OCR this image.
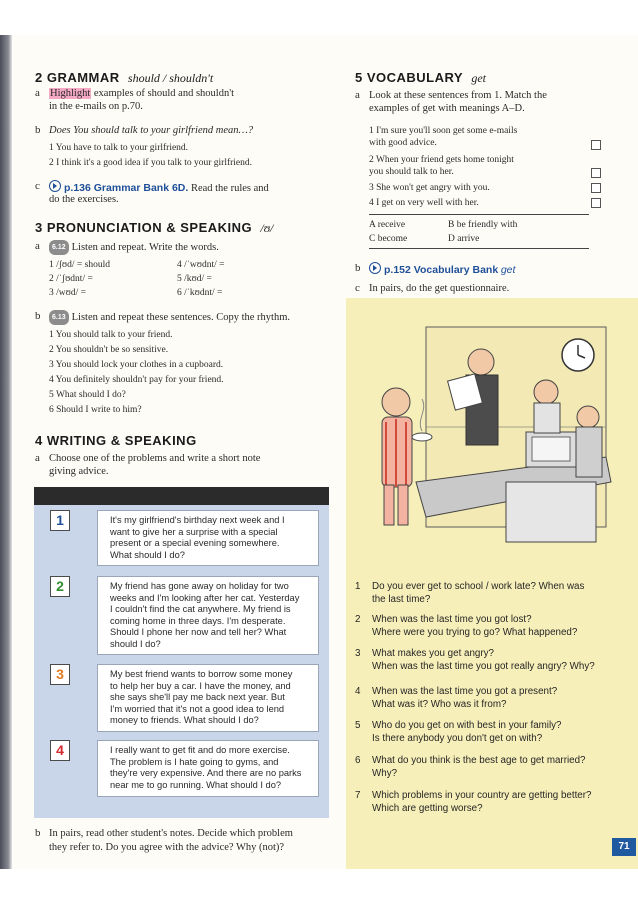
2 GRAMMAR should / shouldn't
a Highlight examples of should and shouldn't
in the e-mails on p.70.
b Does You should talk to your girlfriend mean…?
1 You have to talk to your girlfriend.
2 I think it's a good idea if you talk to your girlfriend.
c	p.136 Grammar Bank 6D. Read the rules and
do the exercises.
3 PRONUNCIATION & SPEAKING /ʊ/
a	6.12 Listen and repeat. Write the words.
1 /ʃʊd/ = should
2 /ˈʃʊdnt/ =
3 /wʊd/ =
4 /ˈwʊdnt/ =
5 /kʊd/ =
6 /ˈkʊdnt/ =
b	6.13 Listen and repeat these sentences. Copy the rhythm.
1 You should talk to your friend.
2 You shouldn't be so sensitive.
3 You should lock your clothes in a cupboard.
4 You definitely shouldn't pay for your friend.
5 What should I do?
6 Should I write to him?
4 WRITING & SPEAKING
a Choose one of the problems and write a short note
giving advice.
1	It's my girlfriend's birthday next week and I
want to give her a surprise with a special
present or a special evening somewhere.
What should I do?
2	My friend has gone away on holiday for two
weeks and I'm looking after her cat. Yesterday
I couldn't find the cat anywhere. My friend is
coming home in three days. I'm desperate.
Should I phone her now and tell her? What
should I do?
3	My best friend wants to borrow some money
to help her buy a car. I have the money, and
she says she'll pay me back next year. But
I'm worried that it's not a good idea to lend
money to friends. What should I do?
4	I really want to get fit and do more exercise.
The problem is I hate going to gyms, and
they're very expensive. And there are no parks
near me to go running. What should I do?
b In pairs, read other student's notes. Decide which problem
they refer to. Do you agree with the advice? Why (not)?
5 VOCABULARY get
a Look at these sentences from 1. Match the
examples of get with meanings A–D.
1 I'm sure you'll soon get some e-mails
with good advice.
2 When your friend gets home tonight
you should talk to her.
3 She won't get angry with you.
4 I get on very well with her.
A receive	B be friendly with
C become	D arrive
b	p.152 Vocabulary Bank get
c In pairs, do the get questionnaire.
1 Do you ever get to school / work late? When was
the last time?
2 When was the last time you got lost?
Where were you trying to go? What happened?
3 What makes you get angry?
When was the last time you got really angry? Why?
4 When was the last time you got a present?
What was it? Who was it from?
5 Who do you get on with best in your family?
Is there anybody you don't get on with?
6 What do you think is the best age to get married?
Why?
7 Which problems in your country are getting better?
Which are getting worse?
71
